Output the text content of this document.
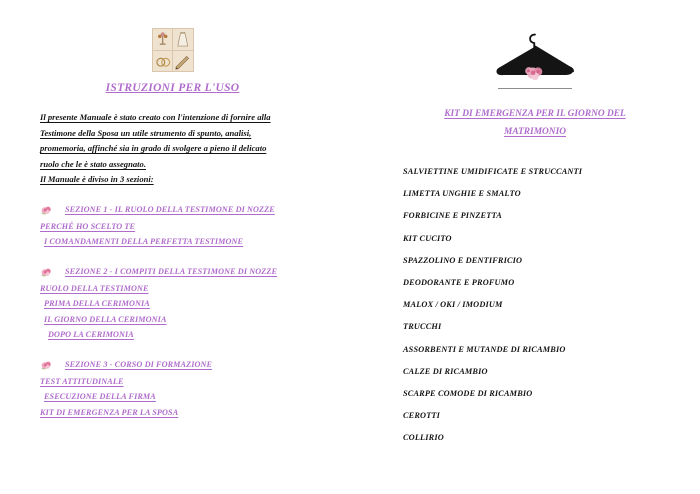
ISTRUZIONI PER L'USO
Il presente Manuale è stato creato con l'intenzione di fornire alla
Testimone della Sposa un utile strumento di spunto, analisi,
promemoria, affinché sia in grado di svolgere a pieno il delicato
ruolo che le è stato assegnato.
Il Manuale è diviso in 3 sezioni:
SEZIONE 1 - IL RUOLO DELLA TESTIMONE DI NOZZE
PERCHÉ HO SCELTO TE
I COMANDAMENTI DELLA PERFETTA TESTIMONE
SEZIONE 2 - I COMPITI DELLA TESTIMONE DI NOZZE
RUOLO DELLA TESTIMONE
PRIMA DELLA CERIMONIA
IL GIORNO DELLA CERIMONIA
DOPO LA CERIMONIA
SEZIONE 3 - CORSO DI FORMAZIONE
TEST ATTITUDINALE
ESECUZIONE DELLA FIRMA
KIT DI EMERGENZA PER LA SPOSA
KIT DI EMERGENZA PER IL GIORNO DEL
MATRIMONIO
SALVIETTINE UMIDIFICATE E STRUCCANTI
LIMETTA UNGHIE E SMALTO
FORBICINE E PINZETTA
KIT CUCITO
SPAZZOLINO E DENTIFRICIO
DEODORANTE E PROFUMO
MALOX / OKI / IMODIUM
TRUCCHI
ASSORBENTI E MUTANDE DI RICAMBIO
CALZE DI RICAMBIO
SCARPE COMODE DI RICAMBIO
CEROTTI
COLLIRIO
